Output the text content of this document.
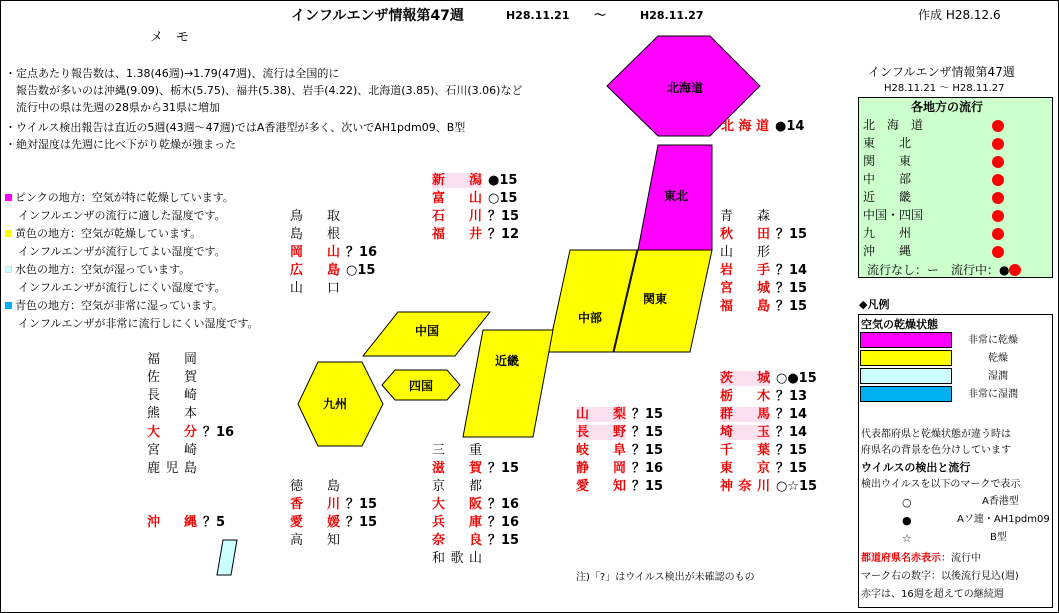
インフルエンザ情報第47週	H28.11.21 ～	H28.11.27	作成 H28.12.6
メ　モ
・定点あたり報告数は、1.38(46週)→1.79(47週)、流行は全国的に
　報告数が多いのは沖縄(9.09)、栃木(5.75)、福井(5.38)、岩手(4.22)、北海道(3.85)、石川(3.06)など
　流行中の県は先週の28県から31県に増加
・ウイルス検出報告は直近の5週(43週～47週)ではA香港型が多く、次いでAH1pdm09、B型
・絶対湿度は先週に比べ下がり乾燥が強まった
ピンクの地方：空気が特に乾燥しています。
インフルエンザの流行に適した湿度です。
黄色の地方：空気が乾燥しています。
インフルエンザが流行してよい湿度です。
水色の地方：空気が湿っています。
インフルエンザが流行しにくい湿度です。
青色の地方：空気が非常に湿っています。
インフルエンザが非常に流行しにくい湿度です。
北海道
東北
関東
中部
近畿
中国
四国
九州
北海道 ●14
新潟 ●15
富山 ○15
石川 ？15
福井 ？12
鳥取
島根
岡山 ？16
広島 ○15
山口
青森
秋田 ？15
山形
岩手 ？14
宮城 ？15
福島 ？15
福岡
佐賀
長崎
熊本
大分 ？16
宮崎
鹿児島
沖縄 ？5
茨城 ○●15
栃木 ？13
群馬 ？14
埼玉 ？14
千葉 ？15
東京 ？15
神奈川 ○☆15
山梨 ？15
長野 ？15
岐阜 ？15
静岡 ？16
愛知 ？15
三重
滋賀 ？15
京都
大阪 ？16
兵庫 ？16
奈良 ？15
和歌山
徳島
香川 ？15
愛媛 ？15
高知
注)「?」はウイルス検出が未確認のもの
インフルエンザ情報第47週
H28.11.21 ～ H28.11.27
各地方の流行
北　海　道
東　　北
関　　東
中　　部
近　　畿
中国・四国
九　　州
沖　　縄
流行なし：ー　流行中：●
◆凡例
空気の乾燥状態
非常に乾燥
乾燥
湿潤
非常に湿潤
代表都府県と乾燥状態が違う時は
府県名の背景を色分けしています
ウイルスの検出と流行
検出ウイルスを以下のマークで表示
○	A香港型
●	Aソ連・AH1pdm09
☆	B型
都道府県名赤表示：流行中
マーク右の数字：以後流行見込(週)
赤字は、16週を超えての継続週
